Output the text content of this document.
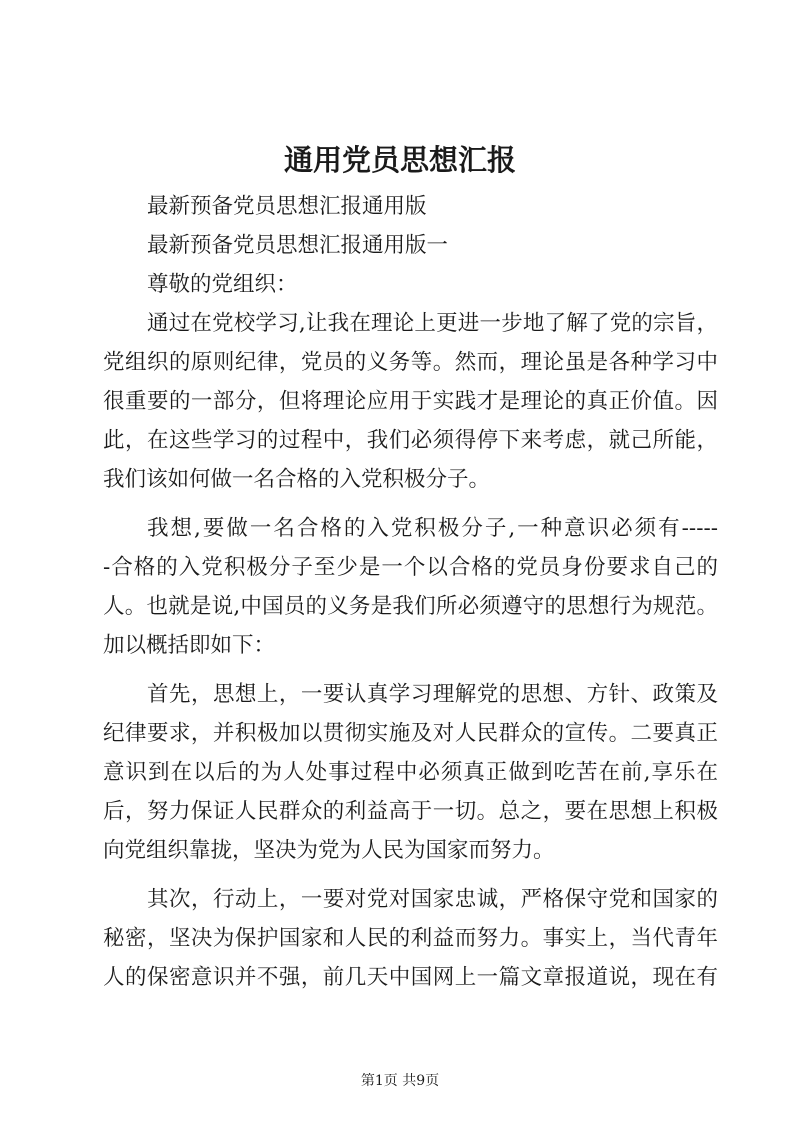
通用党员思想汇报
最新预备党员思想汇报通用版
最新预备党员思想汇报通用版一
尊敬的党组织：
通过在党校学习,让我在理论上更进一步地了解了党的宗旨，
党组织的原则纪律，党员的义务等。然而，理论虽是各种学习中
很重要的一部分，但将理论应用于实践才是理论的真正价值。因
此，在这些学习的过程中，我们必须得停下来考虑，就己所能，
我们该如何做一名合格的入党积极分子。
我想,要做一名合格的入党积极分子,一种意识必须有-----
-合格的入党积极分子至少是一个以合格的党员身份要求自己的
人。也就是说,中国员的义务是我们所必须遵守的思想行为规范。
加以概括即如下：
首先，思想上，一要认真学习理解党的思想、方针、政策及
纪律要求，并积极加以贯彻实施及对人民群众的宣传。二要真正
意识到在以后的为人处事过程中必须真正做到吃苦在前,享乐在
后，努力保证人民群众的利益高于一切。总之，要在思想上积极
向党组织靠拢，坚决为党为人民为国家而努力。
其次，行动上，一要对党对国家忠诚，严格保守党和国家的
秘密，坚决为保护国家和人民的利益而努力。事实上，当代青年
人的保密意识并不强，前几天中国网上一篇文章报道说，现在有
第1页 共9页
